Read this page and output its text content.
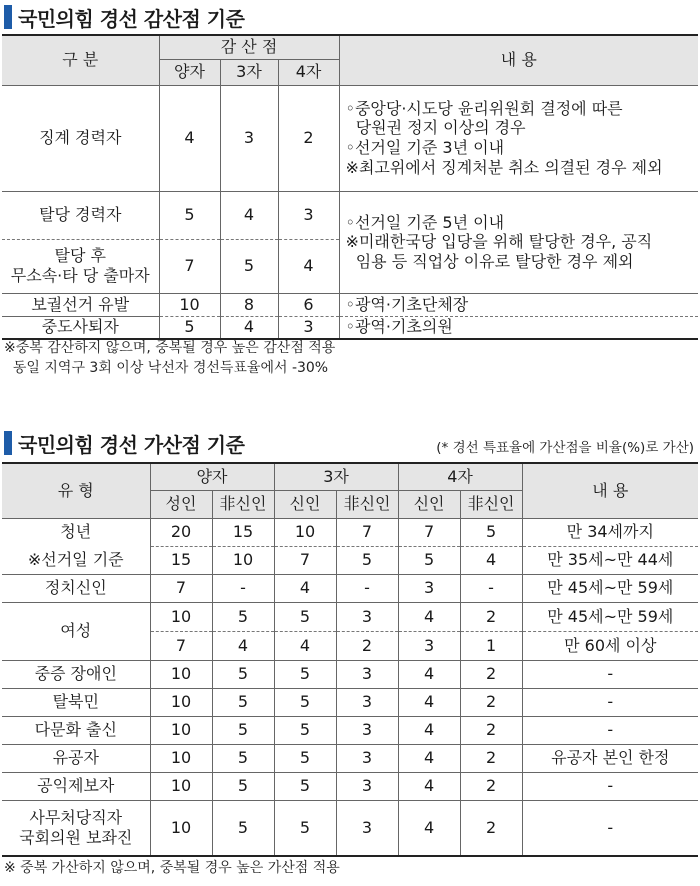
국민의힘 경선 감산점 기준
구 분	감 산 점			내 용
	양자	3자	4자	
징계 경력자	4	3	2	◦중앙당·시도당 윤리위원회 결정에 따른
당원권 정지 이상의 경우
◦선거일 기준 3년 이내
※최고위에서 징계처분 취소 의결된 경우 제외

탈당 경력자	5	4	3	◦선거일 기준 5년 이내
※미래한국당 입당을 위해 탈당한 경우, 공직
임용 등 직업상 이유로 탈당한 경우 제외

탈당 후
무소속·타 당 출마자	7	5	4	
보궐선거 유발	10	8	6	◦광역·기초단체장
중도사퇴자	5	4	3	◦광역·기초의원
※중복 감산하지 않으며, 중복될 경우 높은 감산점 적용
동일 지역구 3회 이상 낙선자 경선득표율에서 -30%
국민의힘 경선 가산점 기준	(* 경선 특표율에 가산점을 비율(%)로 가산)
유 형	양자		3자		4자		내 용
	성인	非신인	신인	非신인	신인	非신인	
청년	20	15	10	7	7	5	만 34세까지
※선거일 기준	15	10	7	5	5	4	만 35세~만 44세
정치신인	7	-	4	-	3	-	만 45세~만 59세
여성	10	5	5	3	4	2	만 45세~만 59세
	7	4	4	2	3	1	만 60세 이상
중증 장애인	10	5	5	3	4	2	-
탈북민	10	5	5	3	4	2	-
다문화 출신	10	5	5	3	4	2	-
유공자	10	5	5	3	4	2	유공자 본인 한정
공익제보자	10	5	5	3	4	2	-

사무처당직자
국회의원 보좌진	10	5	5	3	4	2	-
※ 중복 가산하지 않으며, 중복될 경우 높은 가산점 적용
